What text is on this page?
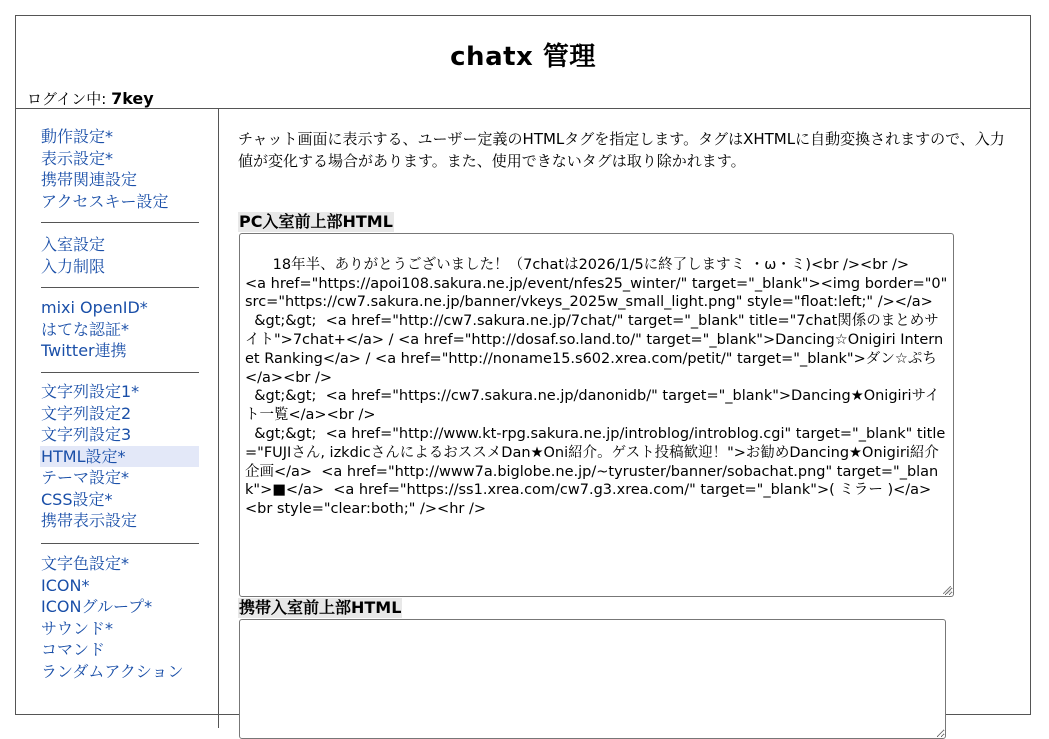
chatx 管理
ログイン中: 7key
動作設定*
表示設定*
携帯関連設定
アクセスキー設定
入室設定
入力制限
mixi OpenID*
はてな認証*
Twitter連携
文字列設定1*
文字列設定2
文字列設定3
HTML設定*
テーマ設定*
CSS設定*
携帯表示設定
文字色設定*
ICON*
ICONグループ*
サウンド*
コマンド
ランダムアクション
チャット画面に表示する、ユーザー定義のHTMLタグを指定します。タグはXHTMLに自動変換されますので、入力値が変化する場合があります。また、使用できないタグは取り除かれます。
PC入室前上部HTML

18年半、ありがとうございました！（7chatは2026/1/5に終了しますミ ・ω・ミ)<br /><br />
<a href="https://apoi108.sakura.ne.jp/event/nfes25_winter/" target="_blank"><img border="0" src="https://cw7.sakura.ne.jp/banner/vkeys_2025w_small_light.png" style="float:left;" /></a>
&gt;&gt;  <a href="http://cw7.sakura.ne.jp/7chat/" target="_blank" title="7chat関係のまとめサイト">7chat+</a> / <a href="http://dosaf.so.land.to/" target="_blank">Dancing☆Onigiri Internet Ranking</a> / <a href="http://noname15.s602.xrea.com/petit/" target="_blank">ダン☆ぷち</a><br />
&gt;&gt;  <a href="https://cw7.sakura.ne.jp/danonidb/" target="_blank">Dancing★Onigiriサイト一覧</a><br />
&gt;&gt;  <a href="http://www.kt-rpg.sakura.ne.jp/introblog/introblog.cgi" target="_blank" title="FUJIさん, izkdicさんによるおススメDan★Oni紹介。ゲスト投稿歓迎！">お勧めDancing★Onigiri紹介企画</a>  <a href="http://www7a.biglobe.ne.jp/~tyruster/banner/sobachat.png" target="_blank">■</a>  <a href="https://ss1.xrea.com/cw7.g3.xrea.com/" target="_blank">( ミラー )</a>
<br style="clear:both;" /><hr />

携帯入室前上部HTML
